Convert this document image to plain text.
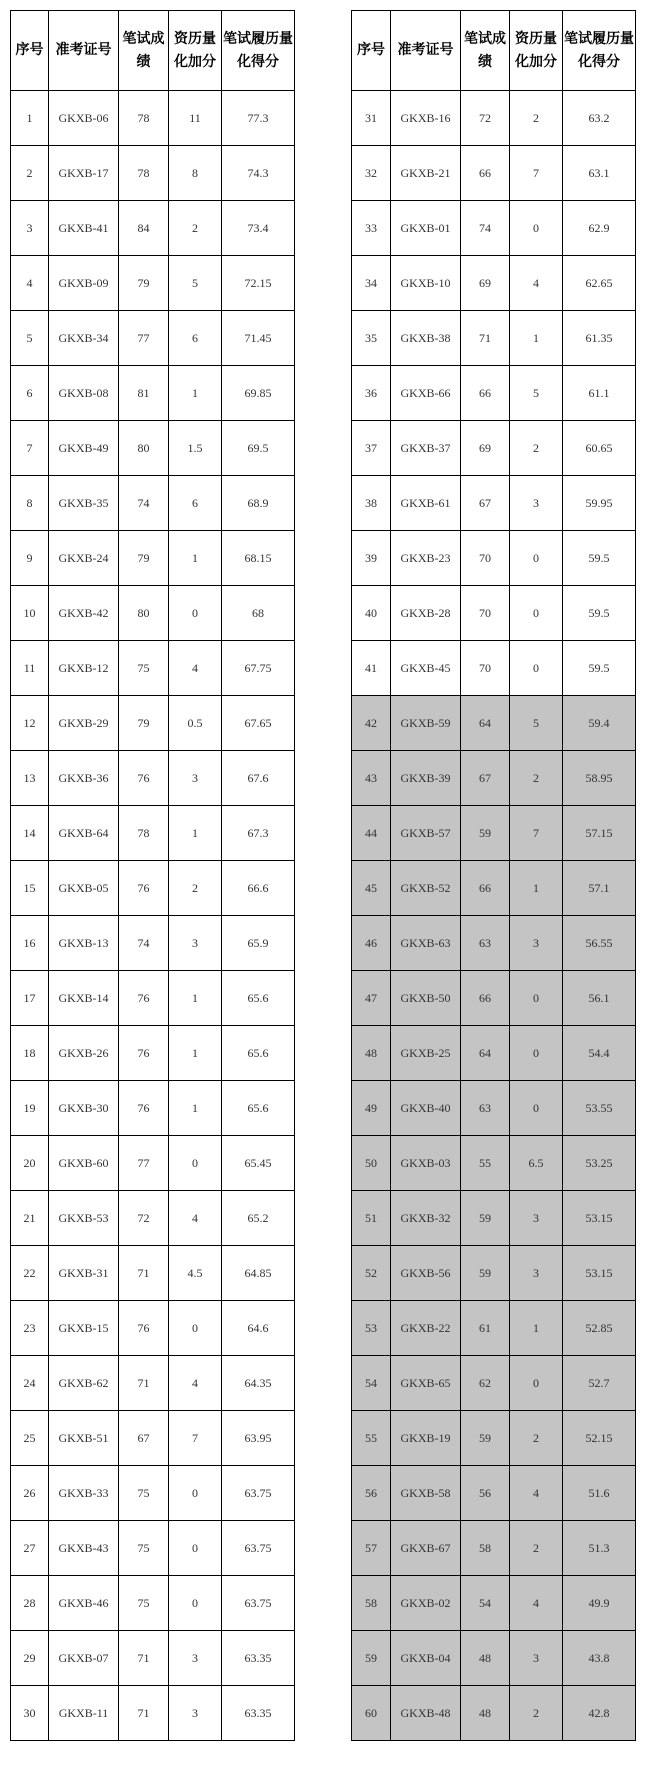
序号	准考证号	笔试成绩	资历量化加分	笔试履历量化得分
1	GKXB-06	78	11	77.3
2	GKXB-17	78	8	74.3
3	GKXB-41	84	2	73.4
4	GKXB-09	79	5	72.15
5	GKXB-34	77	6	71.45
6	GKXB-08	81	1	69.85
7	GKXB-49	80	1.5	69.5
8	GKXB-35	74	6	68.9
9	GKXB-24	79	1	68.15
10	GKXB-42	80	0	68
11	GKXB-12	75	4	67.75
12	GKXB-29	79	0.5	67.65
13	GKXB-36	76	3	67.6
14	GKXB-64	78	1	67.3
15	GKXB-05	76	2	66.6
16	GKXB-13	74	3	65.9
17	GKXB-14	76	1	65.6
18	GKXB-26	76	1	65.6
19	GKXB-30	76	1	65.6
20	GKXB-60	77	0	65.45
21	GKXB-53	72	4	65.2
22	GKXB-31	71	4.5	64.85
23	GKXB-15	76	0	64.6
24	GKXB-62	71	4	64.35
25	GKXB-51	67	7	63.95
26	GKXB-33	75	0	63.75
27	GKXB-43	75	0	63.75
28	GKXB-46	75	0	63.75
29	GKXB-07	71	3	63.35
30	GKXB-11	71	3	63.35
序号	准考证号	笔试成绩	资历量化加分	笔试履历量化得分
31	GKXB-16	72	2	63.2
32	GKXB-21	66	7	63.1
33	GKXB-01	74	0	62.9
34	GKXB-10	69	4	62.65
35	GKXB-38	71	1	61.35
36	GKXB-66	66	5	61.1
37	GKXB-37	69	2	60.65
38	GKXB-61	67	3	59.95
39	GKXB-23	70	0	59.5
40	GKXB-28	70	0	59.5
41	GKXB-45	70	0	59.5
42	GKXB-59	64	5	59.4
43	GKXB-39	67	2	58.95
44	GKXB-57	59	7	57.15
45	GKXB-52	66	1	57.1
46	GKXB-63	63	3	56.55
47	GKXB-50	66	0	56.1
48	GKXB-25	64	0	54.4
49	GKXB-40	63	0	53.55
50	GKXB-03	55	6.5	53.25
51	GKXB-32	59	3	53.15
52	GKXB-56	59	3	53.15
53	GKXB-22	61	1	52.85
54	GKXB-65	62	0	52.7
55	GKXB-19	59	2	52.15
56	GKXB-58	56	4	51.6
57	GKXB-67	58	2	51.3
58	GKXB-02	54	4	49.9
59	GKXB-04	48	3	43.8
60	GKXB-48	48	2	42.8
